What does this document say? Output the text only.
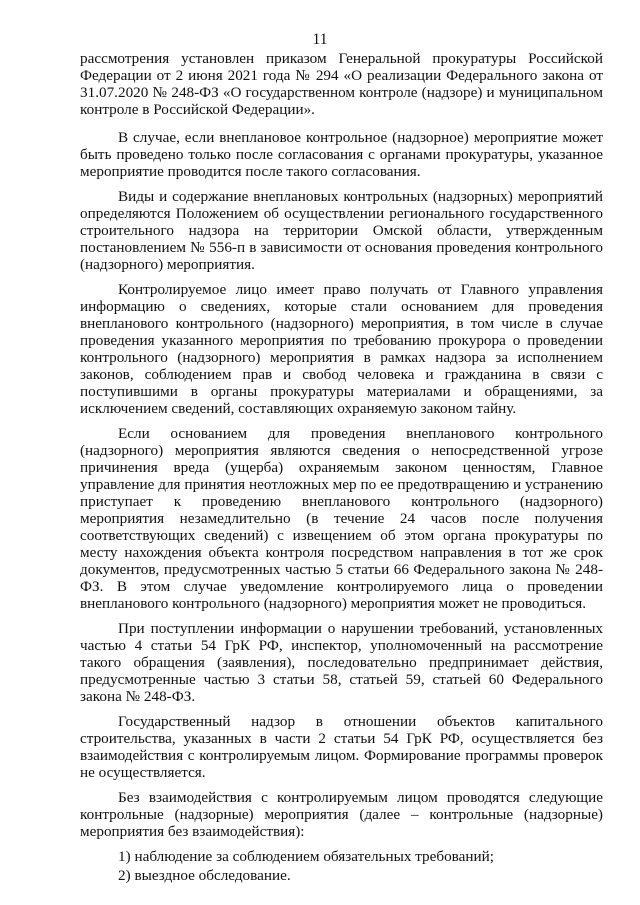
11

рассмотрения установлен приказом Генеральной прокуратуры Российской Федерации от 2 июня 2021 года № 294 «О реализации Федерального закона от 31.07.2020 № 248-ФЗ «О государственном контроле (надзоре) и муниципальном контроле в Российской Федерации».

В случае, если внеплановое контрольное (надзорное) мероприятие может быть проведено только после согласования с органами прокуратуры, указанное мероприятие проводится после такого согласования.

Виды и содержание внеплановых контрольных (надзорных) мероприятий определяются Положением об осуществлении регионального государственного строительного надзора на территории Омской области, утвержденным постановлением № 556-п в зависимости от основания проведения контрольного (надзорного) мероприятия.

Контролируемое лицо имеет право получать от Главного управления информацию о сведениях, которые стали основанием для проведения внепланового контрольного (надзорного) мероприятия, в том числе в случае проведения указанного мероприятия по требованию прокурора о проведении контрольного (надзорного) мероприятия в рамках надзора за исполнением законов, соблюдением прав и свобод человека и гражданина в связи с поступившими в органы прокуратуры материалами и обращениями, за исключением сведений, составляющих охраняемую законом тайну.

Если основанием для проведения внепланового контрольного (надзорного) мероприятия являются сведения о непосредственной угрозе причинения вреда (ущерба) охраняемым законом ценностям, Главное управление для принятия неотложных мер по ее предотвращению и устранению приступает к проведению внепланового контрольного (надзорного) мероприятия незамедлительно (в течение 24 часов после получения соответствующих сведений) с извещением об этом органа прокуратуры по месту нахождения объекта контроля посредством направления в тот же срок документов, предусмотренных частью 5 статьи 66 Федерального закона № 248-ФЗ. В этом случае уведомление контролируемого лица о проведении внепланового контрольного (надзорного) мероприятия может не проводиться.

При поступлении информации о нарушении требований, установленных частью 4 статьи 54 ГрК РФ, инспектор, уполномоченный на рассмотрение такого обращения (заявления), последовательно предпринимает действия, предусмотренные частью 3 статьи 58, статьей 59, статьей 60 Федерального закона № 248-ФЗ.

Государственный надзор в отношении объектов капитального строительства, указанных в части 2 статьи 54 ГрК РФ, осуществляется без взаимодействия с контролируемым лицом. Формирование программы проверок не осуществляется.

Без взаимодействия с контролируемым лицом проводятся следующие контрольные (надзорные) мероприятия (далее – контрольные (надзорные) мероприятия без взаимодействия):

1) наблюдение за соблюдением обязательных требований;

2) выездное обследование.
